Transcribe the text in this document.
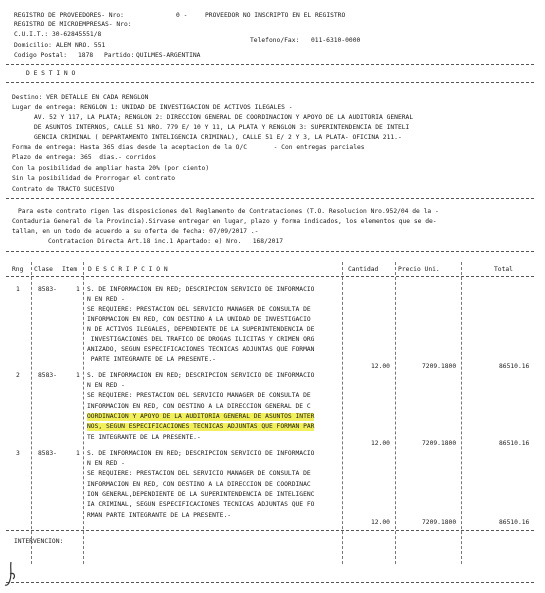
REGISTRO DE PROVEEDORES- Nro:	0 -	PROVEEDOR NO INSCRIPTO EN EL REGISTRO
REGISTRO DE MICROEMPRESAS- Nro:
C.U.I.T.: 30-62845551/8
Telefono/Fax: 011-6310-0000
Domicilio: ALEM NRO. 551
Codigo Postal: 1878 Partido: QUILMES-ARGENTINA
D E S T I N O
Destino: VER DETALLE EN CADA RENGLON
Lugar de entrega: RENGLON 1: UNIDAD DE INVESTIGACION DE ACTIVOS ILEGALES -
AV. 52 Y 117, LA PLATA; RENGLON 2: DIRECCION GENERAL DE COORDINACION Y APOYO DE LA AUDITORIA GENERAL
DE ASUNTOS INTERNOS, CALLE 51 NRO. 779 E/ 10 Y 11, LA PLATA Y RENGLON 3: SUPERINTENDENCIA DE INTELI
GENCIA CRIMINAL ( DEPARTAMENTO INTELIGENCIA CRIMINAL), CALLE 51 E/ 2 Y 3, LA PLATA- OFICINA 211.-
Forma de entrega: Hasta 365 dias desde la aceptacion de la O/C       - Con entregas parciales
Plazo de entrega: 365  dias.- corridos
Con la posibilidad de ampliar hasta 20% (por ciento)
Sin la posibilidad de Prorrogar el contrato
Contrato de TRACTO SUCESIVO
Para este contrato rigen las disposiciones del Reglamento de Contrataciones (T.O. Resolucion Nro.952/04 de la -
Contaduria General de la Provincia).Sirvase entregar en lugar, plazo y forma indicados, los elementos que se de-
tallan, en un todo de acuerdo a su oferta de fecha: 07/09/2017 .-
Contratacion Directa Art.18 inc.1 Apartado: e) Nro.   168/2017
Rng Clase Item D E S C R I P C I O N	Cantidad	Precio Uni.	Total
1	8583-	1 S. DE INFORMACION EN RED; DESCRIPCION SERVICIO DE INFORMACIO
N EN RED -
SE REQUIERE: PRESTACION DEL SERVICIO MANAGER DE CONSULTA DE
INFORMACION EN RED, CON DESTINO A LA UNIDAD DE INVESTIGACIO
N DE ACTIVOS ILEGALES, DEPENDIENTE DE LA SUPERINTENDENCIA DE
INVESTIGACIONES DEL TRAFICO DE DROGAS ILICITAS Y CRIMEN ORG
ANIZADO, SEGUN ESPECIFICACIONES TECNICAS ADJUNTAS QUE FORMAN
PARTE INTEGRANTE DE LA PRESENTE.-
12.00	7209.1800	86510.16
2	8583-	1 S. DE INFORMACION EN RED; DESCRIPCION SERVICIO DE INFORMACIO
N EN RED -
SE REQUIERE: PRESTACION DEL SERVICIO MANAGER DE CONSULTA DE
INFORMACION EN RED, CON DESTINO A LA DIRECCION GENERAL DE C
OORDINACION Y APOYO DE LA AUDITORIA GENERAL DE ASUNTOS INTER
NOS, SEGUN ESPECIFICACIONES TECNICAS ADJUNTAS QUE FORMAN PAR
TE INTEGRANTE DE LA PRESENTE.-
12.00	7209.1800	86510.16
3	8583-	1 S. DE INFORMACION EN RED; DESCRIPCION SERVICIO DE INFORMACIO
N EN RED -
SE REQUIERE: PRESTACION DEL SERVICIO MANAGER DE CONSULTA DE
INFORMACION EN RED, CON DESTINO A LA DIRECCION DE COORDINAC
ION GENERAL,DEPENDIENTE DE LA SUPERINTENDENCIA DE INTELIGENC
IA CRIMINAL, SEGUN ESPECIFICACIONES TECNICAS ADJUNTAS QUE FO
RMAN PARTE INTEGRANTE DE LA PRESENTE.-
12.00	7209.1800	86510.16
INTERVENCION:
